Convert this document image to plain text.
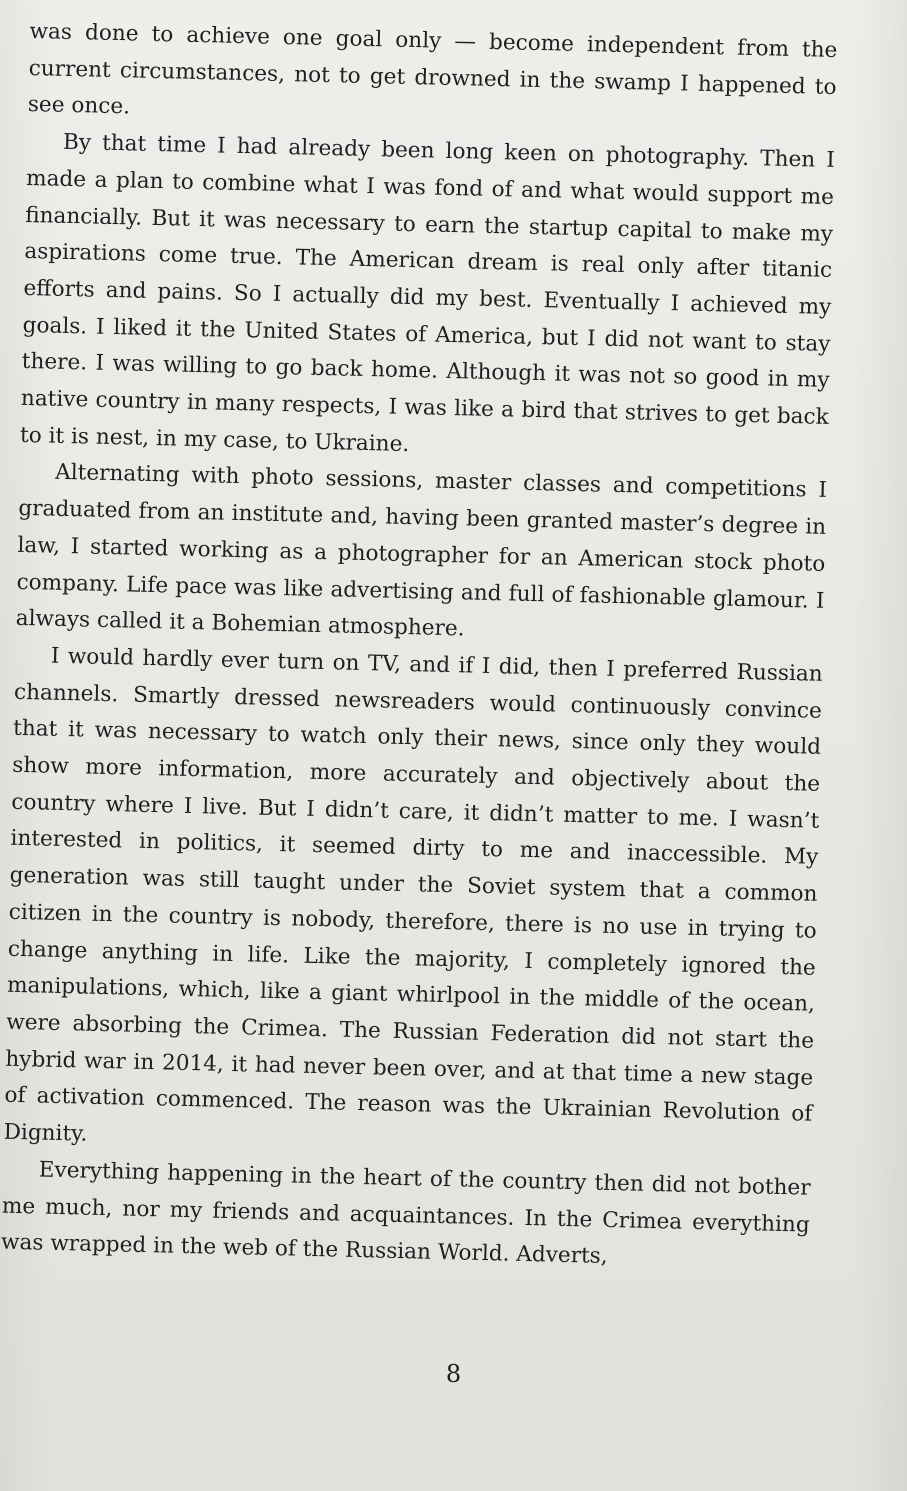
was done to achieve one goal only — become independent from the current circumstances, not to get drowned in the swamp I happened to see once.

By that time I had already been long keen on photography. Then I made a plan to combine what I was fond of and what would support me financially. But it was necessary to earn the startup capital to make my aspirations come true. The American dream is real only after titanic efforts and pains. So I actually did my best. Eventually I achieved my goals. I liked it the United States of America, but I did not want to stay there. I was willing to go back home. Although it was not so good in my native country in many respects, I was like a bird that strives to get back to it is nest, in my case, to Ukraine.

Alternating with photo sessions, master classes and competitions I graduated from an institute and, having been granted master’s degree in law, I started working as a photographer for an American stock photo company. Life pace was like advertising and full of fashionable glamour. I always called it a Bohemian atmosphere.

I would hardly ever turn on TV, and if I did, then I preferred Russian channels. Smartly dressed newsreaders would continuously convince that it was necessary to watch only their news, since only they would show more information, more accurately and objectively about the country where I live. But I didn’t care, it didn’t matter to me. I wasn’t interested in politics, it seemed dirty to me and inaccessible. My generation was still taught under the Soviet system that a common citizen in the country is nobody, therefore, there is no use in trying to change anything in life. Like the majority, I completely ignored the manipulations, which, like a giant whirlpool in the middle of the ocean, were absorbing the Crimea. The Russian Federation did not start the hybrid war in 2014, it had never been over, and at that time a new stage of activation commenced. The reason was the Ukrainian Revolution of Dignity.

Everything happening in the heart of the country then did not bother me much, nor my friends and acquaintances. In the Crimea everything was wrapped in the web of the Russian World. Adverts,

8
